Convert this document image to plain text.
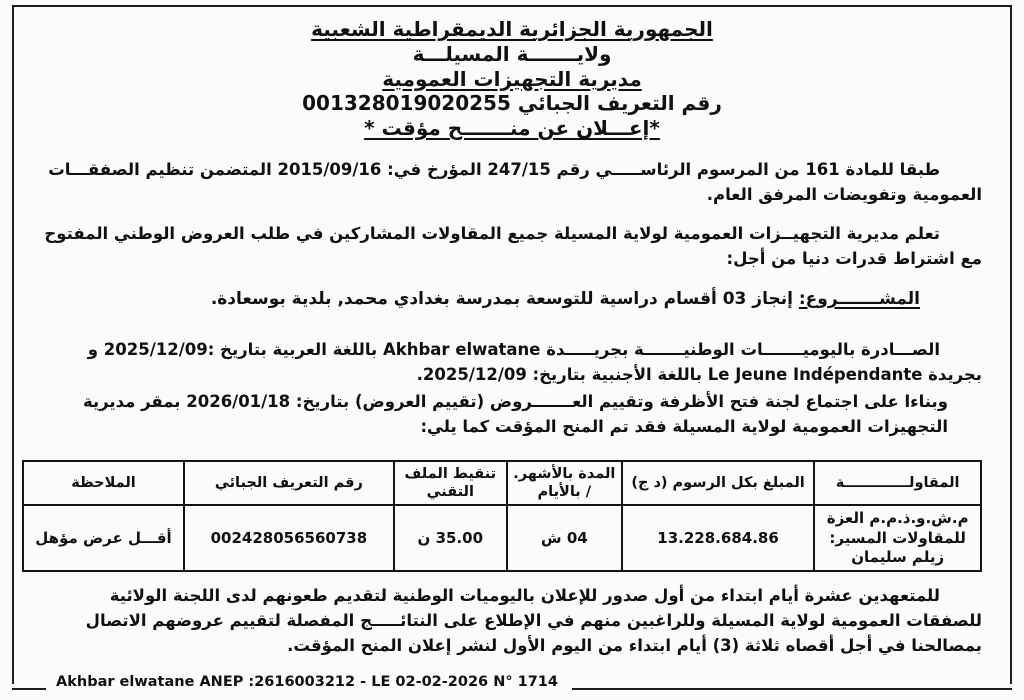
الجمهورية الجزائرية الديمقراطية الشعبية
ولايـــــــة المسيلـــة
مديرية التجهيزات العمومية
رقم التعريف الجبائي 001328019020255
*إعـــلان عن منـــــــح مؤقت *

طبقا للمادة 161 من المرسوم الرئاســـــي رقم 247/15 المؤرخ في: 2015/09/16 المتضمن تنظيم الصفقـــات العمومية وتفويضات المرفق العام.

تعلم مديرية التجهيــزات العمومية لولاية المسيلة جميع المقاولات المشاركين في طلب العروض الوطني المفتوح مع اشتراط قدرات دنيا من أجل:

المشـــــــروع: إنجاز 03 أقسام دراسية للتوسعة بمدرسة بغدادي محمد, بلدية بوسعادة.

الصـــادرة باليوميـــــــات الوطنيـــــــة بجريـــــدة Akhbar elwatane باللغة العربية بتاريخ :2025/12/09 و بجريدة Le Jeune Indépendante باللغة الأجنبية بتاريخ: 2025/12/09.

وبناءا على اجتماع لجنة فتح الأظرفة وتقييم العـــــــروض (تقييم العروض) بتاريخ: 2026/01/18 بمقر مديرية التجهيزات العمومية لولاية المسيلة فقد تم المنح المؤقت كما يلي:

المقاولـــــــــــــة	المبلغ بكل الرسوم (د ج)	المدة بالأشهر. / بالأيام	تنقيط الملف التقني	رقم التعريف الجبائي	الملاحظة
م.ش.و.ذ.م.م العزة للمقاولات المسير: زيلم سليمان	13.228.684.86	04 ش	35.00 ن	002428056560738	أقـــل عرض مؤهل

للمتعهدين عشرة أيام ابتداء من أول صدور للإعلان باليوميات الوطنية لتقديم طعونهم لدى اللجنة الولائية للصفقات العمومية لولاية المسيلة وللراغبين منهم في الإطلاع على النتائـــــج المفصلة لتقييم عروضهم الاتصال بمصالحنا في أجل أقصاه ثلاثة (3) أيام ابتداء من اليوم الأول لنشر إعلان المنح المؤقت.

Akhbar elwatane ANEP :2616003212 - LE 02-02-2026 N° 1714
